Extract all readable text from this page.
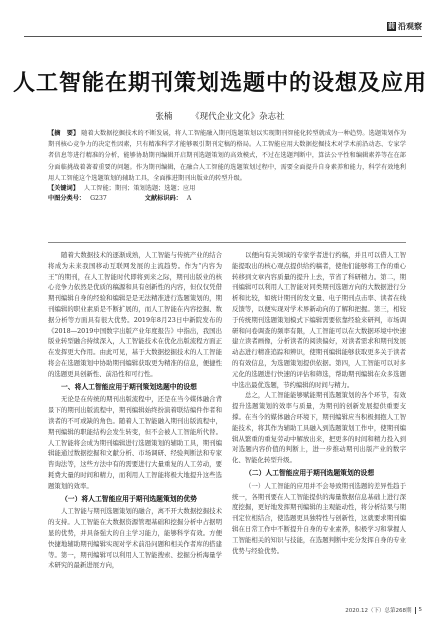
前 沿观察
人工智能在期刊策划选题中的设想及应用
张楠 《现代企业文化》杂志社

【摘　要】 随着大数据挖掘技术的不断发展，将人工智能融入期刊选题策划以实现期刊智能化转型就成为一种趋势。选题策划作为期刊核心竞争力的决定性因素，只有精准科学才能够吸引期刊定稿的格局。人工智能应用大数据挖掘技术对学术前沿动态、专家学者信息等进行精准的分析，能够协助期刊编辑开启期刊选题策划的高效模式，不过在选题判断中，算法公平性和编辑素养等在在部分面临挑战着著着重要的问题。作为期刊编辑，在融合人工智能的选题策划过程中，需要全面提升自身素养和能力，科学有效地利用人工智能这个选题策划的辅助工具，全面推进期刊出版业的转型升级。

【关键词】 人工智能；期刊；策划选题；选题；应用

中图分类号： G237	文献标识码： A

随着大数据技术的逐渐成熟，人工智能与传统产业的结合将成为未来我国移动互联网发展的主流趋势。作为“内容为王”的期刊，在人工智能时代即将到来之际，期刊出版业的核心竞争力依然是优质的稿源和具有创新性的内容，但仅仅凭借期刊编辑自身的经验和编辑是是无法精准进行选题策划的，期刊编辑的职业素质是不断扩展的，而人工智能在内容挖掘、数据分析等方面具有很大优势。2019年8月23日中新院发布的《2018—2019中国数字出版产业年度报告》中指出，我国出版业转型融合持续深入，人工智能技术在优化出版流程方面正在发挥更大作用。由此可见，基于大数据挖掘技术的人工智能将会在选题策划中协助期刊编辑获取更为精准的信息，便捷性的选题更具创新性、前沿性和可行性。

一、将人工智能应用于期刊策划选题中的设想

无论是在传统的期刊出版流程中，还是在当今媒体融合背景下的期刊出版流程中，期刊编辑始终扮演着联结编件作者和读者的不可或缺的角色。随着人工智能融入期刊出版流程中，期刊编辑的职能结构会发生转变，但不会被人工智能所代替。人工智能将会成为期刊编辑进行选题策划的辅助工具，期刊编辑能通过数据挖掘和文献分析、市场调研、经验判断法和专家咨询法等，这些方法中有的需要进行大量重复的人工劳动，要耗费大量的时间和精力，而利用人工智能将极大地提升这些选题策划的效率。

（一）将人工智能应用于期刊选题策划的优势

人工智能与期刊选题策划的融合，离不开大数据挖掘技术的支持。人工智能在大数据资源管理基础和挖掘分析中占据明显的优势，并具备强大的自主学习能力，能够科学有效。方便快捷地辅助期刊编辑实现对学术前沿问题和相关作者库的搭建等。第一，期刊编辑可以利用人工智能搜索、挖掘分析海量学术研究的最新进展方向，

以便向有关领域的专家学者进行约稿，并且可以借人工智能提取出的核心观点提供给约稿者，使他们能够将工作的重心转移到文章内容质量的提升上去，节省了科研精力。第二，期刊编辑可以利用人工智能对同类期刊选题方向的大数据进行分析和比较，如统计期刊的发文量、电子期刊点击率、读者在线反馈等，以便实现对学术界新动向的了解和把握。第三，相较于传统期刊选题策划模式下编辑需要依靠经验来研判，市场调研和问卷调查的频率有限，人工智能可以在大数据环境中快速建立读者画像，分析读者的阅读偏好，对读者需求和期刊发展动态进行精准追踪和辨识，使期刊编辑能够获取更多关于读者的有效信息，为选题策划提供依据。第四，人工智能可以对多元化的选题进行快速的评估和筛选，帮助期刊编辑在众多选题中选出最优选题，节约编辑的时间与精力。

总之，人工智能能够赋能期刊选题策划的各个环节，有效提升选题策划的效率与质量，为期刊的创新发展提供重要支撑。在当今的媒体融合环境下，期刊编辑应当积极拥抱人工智能技术，将其作为辅助工具融入到选题策划工作中，使期刊编辑从繁重的重复劳动中解放出来，把更多的时间和精力投入到对选题内容价值的判断上，进一步推动期刊出版产业的数字化、智能化转型升级。

（二）人工智能应用于期刊选题策划的设想

（一）人工智能的应用并不会导致期刊选题的差异性趋于统一，各期刊要在人工智能提供的海量数据信息基础上进行深度挖掘，更好地发挥期刊编辑的主观能动性，将分析结果与期刊定位相结合，使选题更具独特性与创新性，这就要求期刊编辑在日常工作中不断提升自身的专业素养，积极学习和掌握人工智能相关的知识与技能，在选题判断中充分发挥自身的专业优势与经验优势。

2020.12（下）总第268期 5
